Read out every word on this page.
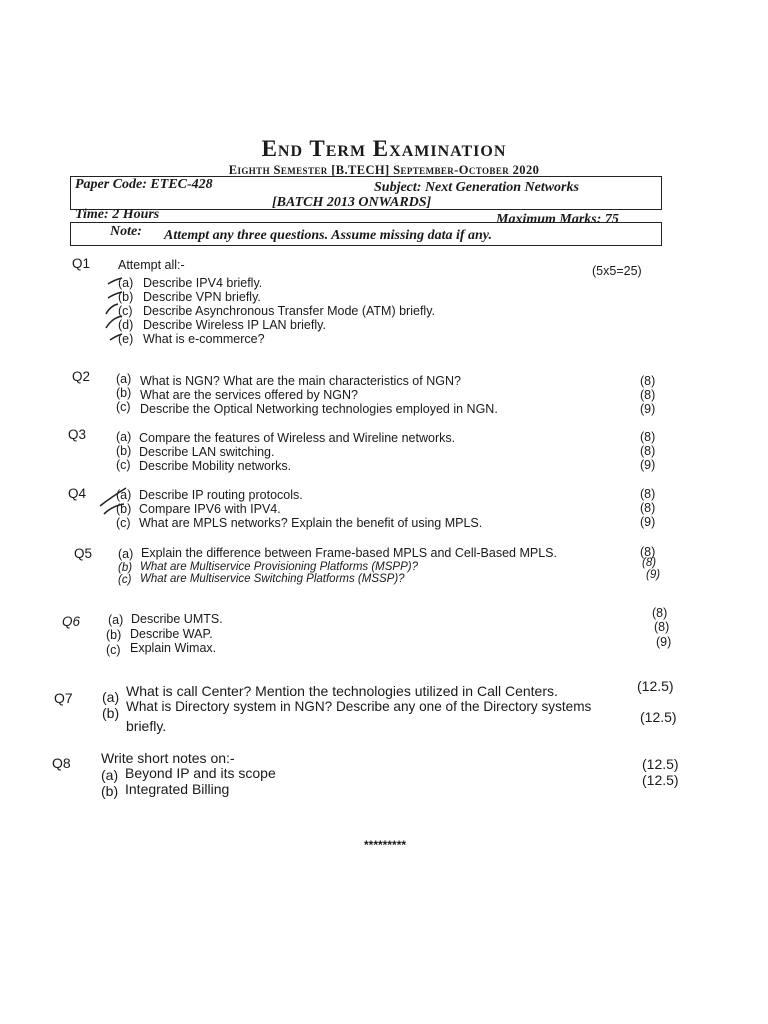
End Term Examination
Eighth Semester [B.TECH] September-October 2020
Paper Code: ETEC-428	Subject: Next Generation Networks
[BATCH 2013 ONWARDS]
Time: 2 Hours	Maximum Marks: 75
Note: Attempt any three questions. Assume missing data if any.
Q1 Attempt all:-	(5x5=25)
(a) Describe IPV4 briefly.
(b) Describe VPN briefly.
(c) Describe Asynchronous Transfer Mode (ATM) briefly.
(d) Describe Wireless IP LAN briefly.
(e) What is e-commerce?
Q2 (a) What is NGN? What are the main characteristics of NGN?	(8)
(b) What are the services offered by NGN?	(8)
(c) Describe the Optical Networking technologies employed in NGN.	(9)
Q3 (a) Compare the features of Wireless and Wireline networks.	(8)
(b) Describe LAN switching.	(8)
(c) Describe Mobility networks.	(9)
Q4 (a) Describe IP routing protocols.	(8)
(b) Compare IPV6 with IPV4.	(8)
(c) What are MPLS networks? Explain the benefit of using MPLS.	(9)
Q5 (a) Explain the difference between Frame-based MPLS and Cell-Based MPLS.	(8)
(b) What are Multiservice Provisioning Platforms (MSPP)?	(8)
(c) What are Multiservice Switching Platforms (MSSP)?	(9)
Q6 (a) Describe UMTS.	(8)
(b) Describe WAP.	(8)
(c) Explain Wimax.	(9)
Q7 (a) What is call Center? Mention the technologies utilized in Call Centers.	(12.5)
(b) What is Directory system in NGN? Describe any one of the Directory systems
briefly.
(12.5)
Q8 Write short notes on:-
(a) Beyond IP and its scope
(12.5)
(b) Integrated Billing
(12.5)
*********
